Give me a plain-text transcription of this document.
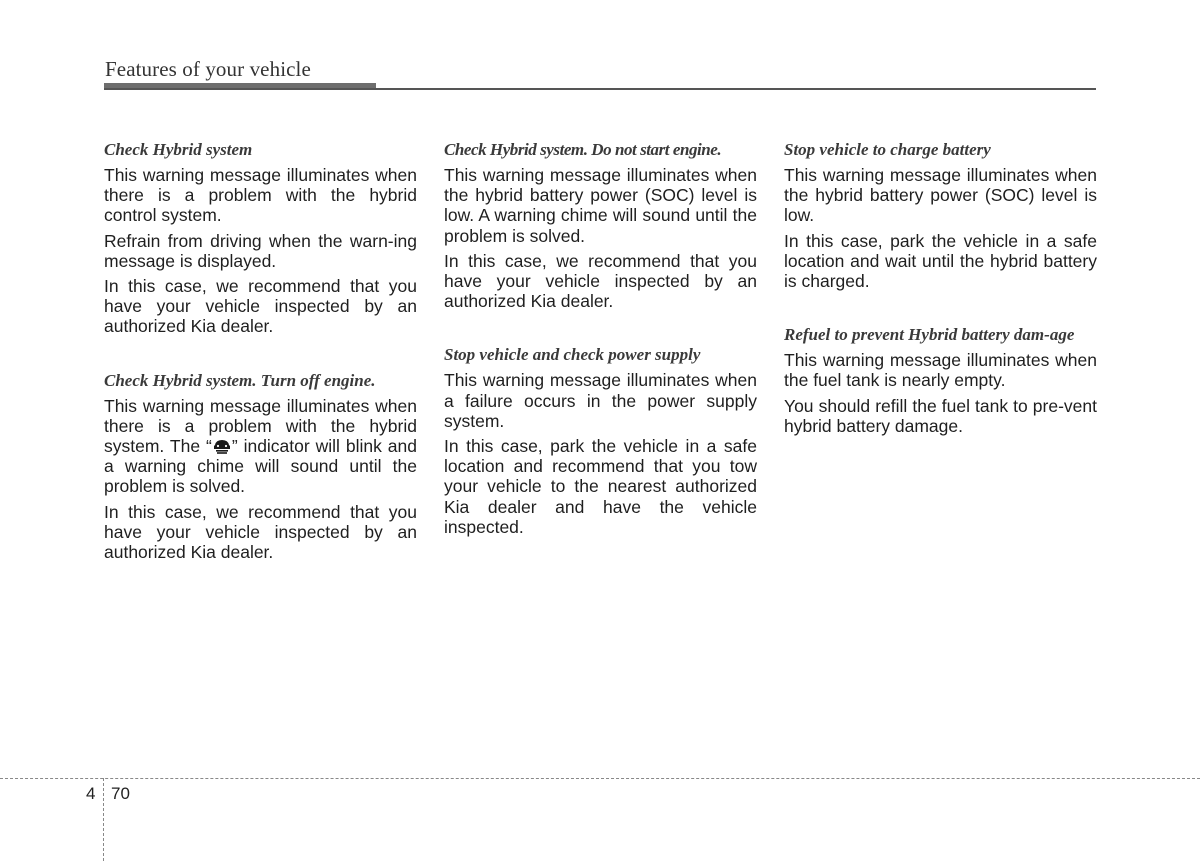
Features of your vehicle
Check Hybrid system

This warning message illuminates when there is a problem with the hybrid control system.

Refrain from driving when the warn-ing message is displayed.

In this case, we recommend that you have your vehicle inspected by an authorized Kia dealer.

Check Hybrid system. Turn off engine.

This warning message illuminates when there is a problem with the hybrid system. The “ ” indicator will blink and a warning chime will sound until the problem is solved.

In this case, we recommend that you have your vehicle inspected by an authorized Kia dealer.

Check Hybrid system. Do not start engine.

This warning message illuminates when the hybrid battery power (SOC) level is low. A warning chime will sound until the problem is solved.

In this case, we recommend that you have your vehicle inspected by an authorized Kia dealer.

Stop vehicle and check power supply

This warning message illuminates when a failure occurs in the power supply system.

In this case, park the vehicle in a safe location and recommend that you tow your vehicle to the nearest authorized Kia dealer and have the vehicle inspected.

Stop vehicle to charge battery

This warning message illuminates when the hybrid battery power (SOC) level is low.

In this case, park the vehicle in a safe location and wait until the hybrid battery is charged.

Refuel to prevent Hybrid battery dam-age

This warning message illuminates when the fuel tank is nearly empty.

You should refill the fuel tank to pre-vent hybrid battery damage.

4 70
